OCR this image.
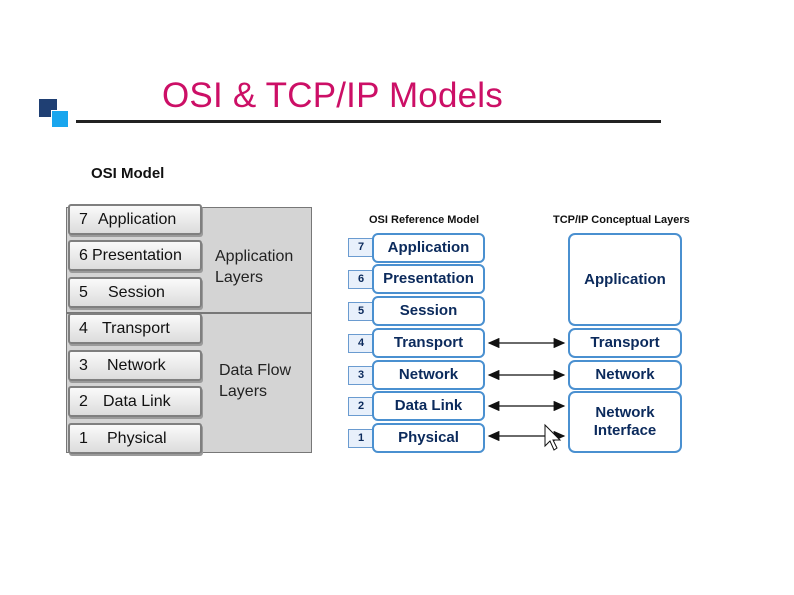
OSI & TCP/IP Models
OSI Model
Application
Layers
Data Flow
Layers
7 Application
6 Presentation
5 Session
4 Transport
3 Network
2 Data Link
1 Physical
OSI Reference Model	TCP/IP Conceptual Layers
7	Application
6	Presentation
5	Session
4	Transport
3	Network
2	Data Link
1	Physical
Application
Transport
Network
Network
Interface
